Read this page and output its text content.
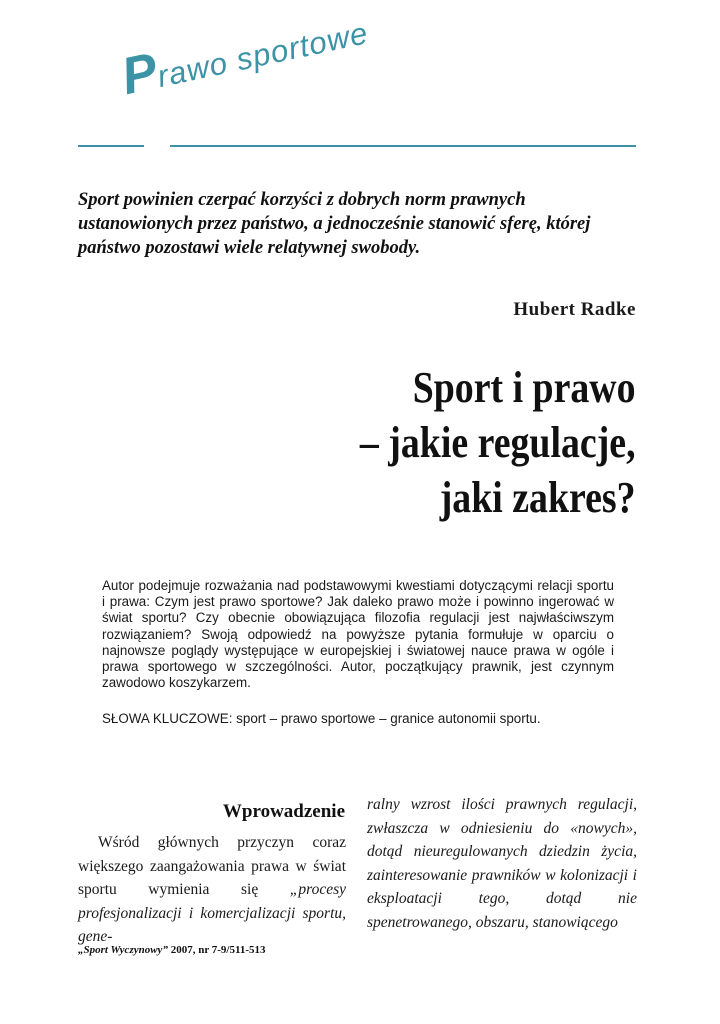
Prawo sportowe
Sport powinien czerpać korzyści z dobrych norm prawnych ustanowionych przez państwo, a jednocześnie stanowić sferę, której państwo pozostawi wiele relatywnej swobody.
Hubert Radke
Sport i prawo
– jakie regulacje,
jaki zakres?
Autor podejmuje rozważania nad podstawowymi kwestiami dotyczącymi relacji sportu i prawa: Czym jest prawo sportowe? Jak daleko prawo może i powinno ingerować w świat sportu? Czy obecnie obowiązująca filozofia regulacji jest najwłaściwszym rozwiązaniem? Swoją odpowiedź na powyższe pytania formułuje w oparciu o najnowsze poglądy występujące w europejskiej i światowej nauce prawa w ogóle i prawa sportowego w szczególności. Autor, początkujący prawnik, jest czynnym zawodowo koszykarzem.
SŁOWA KLUCZOWE: sport – prawo sportowe – granice autonomii sportu.
Wprowadzenie
Wśród głównych przyczyn coraz większego zaangażowania prawa w świat sportu wymienia się „procesy profesjonalizacji i komercjalizacji sportu, gene-
ralny wzrost ilości prawnych regulacji, zwłaszcza w odniesieniu do «nowych», dotąd nieuregulowanych dziedzin życia, zainteresowanie prawników w kolonizacji i eksploatacji tego, dotąd nie spenetrowanego, obszaru, stanowiącego
„Sport Wyczynowy” 2007, nr 7-9/511-513
